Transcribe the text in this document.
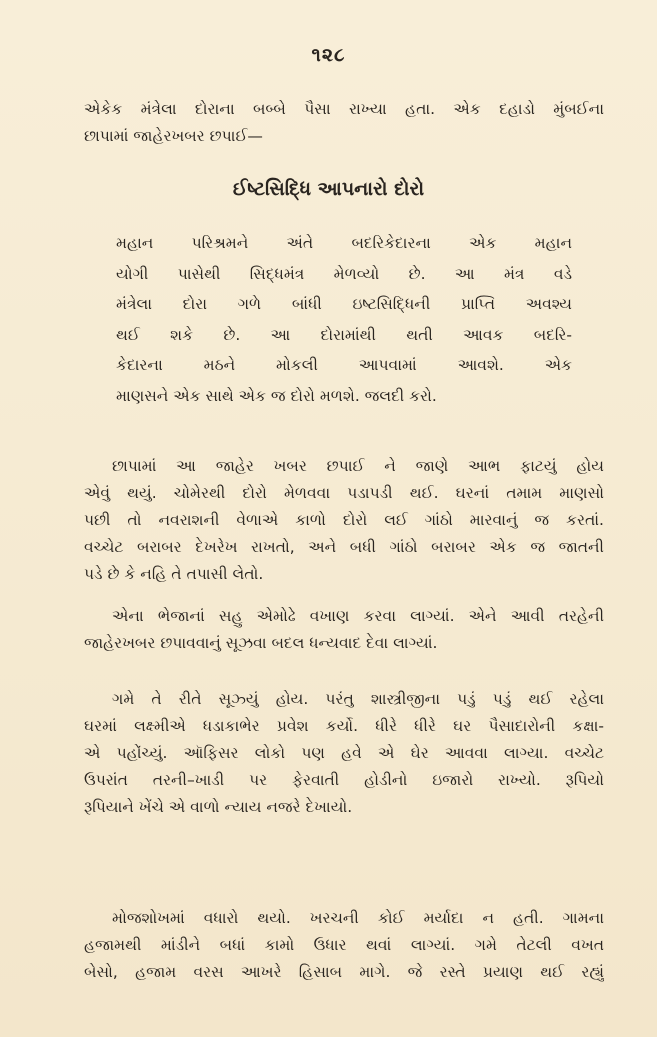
૧૨૮
એકેક મંત્રેલા દોરાના બબ્બે પૈસા રાખ્યા હતા. એક દહાડો મુંબઈના
છાપામાં જાહેરખબર છપાઈ—
ઈષ્ટસિદ્ધિ આપનારો દોરો
મહાન પરિશ્રમને અંતે બદરિકેદારના એક મહાન
યોગી પાસેથી સિદ્ધમંત્ર મેળવ્યો છે. આ મંત્ર વડે
મંત્રેલા દોરા ગળે બાંધી ઇષ્ટસિદ્ધિની પ્રાપ્તિ અવશ્ય
થઈ શકે છે. આ દોરામાંથી થતી આવક બદરિ-
કેદારના મઠને મોકલી આપવામાં આવશે. એક
માણસને એક સાથે એક જ દોરો મળશે. જલદી કરો.
છાપામાં આ જાહેર ખબર છપાઈ ને જાણે આભ ફાટયું હોય
એવું થયું. ચોમેરથી દોરો મેળવવા પડાપડી થઈ. ઘરનાં તમામ માણસો
પછી તો નવરાશની વેળાએ કાળો દોરો લઈ ગાંઠો મારવાનું જ કરતાં.
વચ્ચેટ બરાબર દેખરેખ રાખતો, અને બધી ગાંઠો બરાબર એક જ જાતની
પડે છે કે નહિ તે તપાસી લેતો.
એના ભેજાનાં સહુ એમોઢે વખાણ કરવા લાગ્યાં. એને આવી તરહેની
જાહેરખબર છપાવવાનું સૂઝવા બદલ ધન્યવાદ દેવા લાગ્યાં.
ગમે તે રીતે સૂઝ્યું હોય. પરંતુ શાસ્ત્રીજીના પડું પડું થઈ રહેલા
ઘરમાં લક્ષ્મીએ ધડાકાભેર પ્રવેશ કર્યો. ધીરે ધીરે ઘર પૈસાદારોની કક્ષા-
એ પહોંચ્યું. ઑફિસર લોકો પણ હવે એ ઘેર આવવા લાગ્યા. વચ્ચેટ
ઉપરાંત તરની–ખાડી પર ફેરવાતી હોડીનો ઇજારો રાખ્યો. રૂપિયો
રૂપિયાને ખેંચે એ વાળો ન્યાય નજરે દેખાયો.
મોજશોખમાં વધારો થયો. ખરચની કોઈ મર્યાદા ન હતી. ગામના
હજામથી માંડીને બધાં કામો ઉધાર થવાં લાગ્યાં. ગમે તેટલી વખત
બેસો, હજામ વરસ આખરે હિસાબ માગે. જે રસ્તે પ્રયાણ થઈ રહ્યું
